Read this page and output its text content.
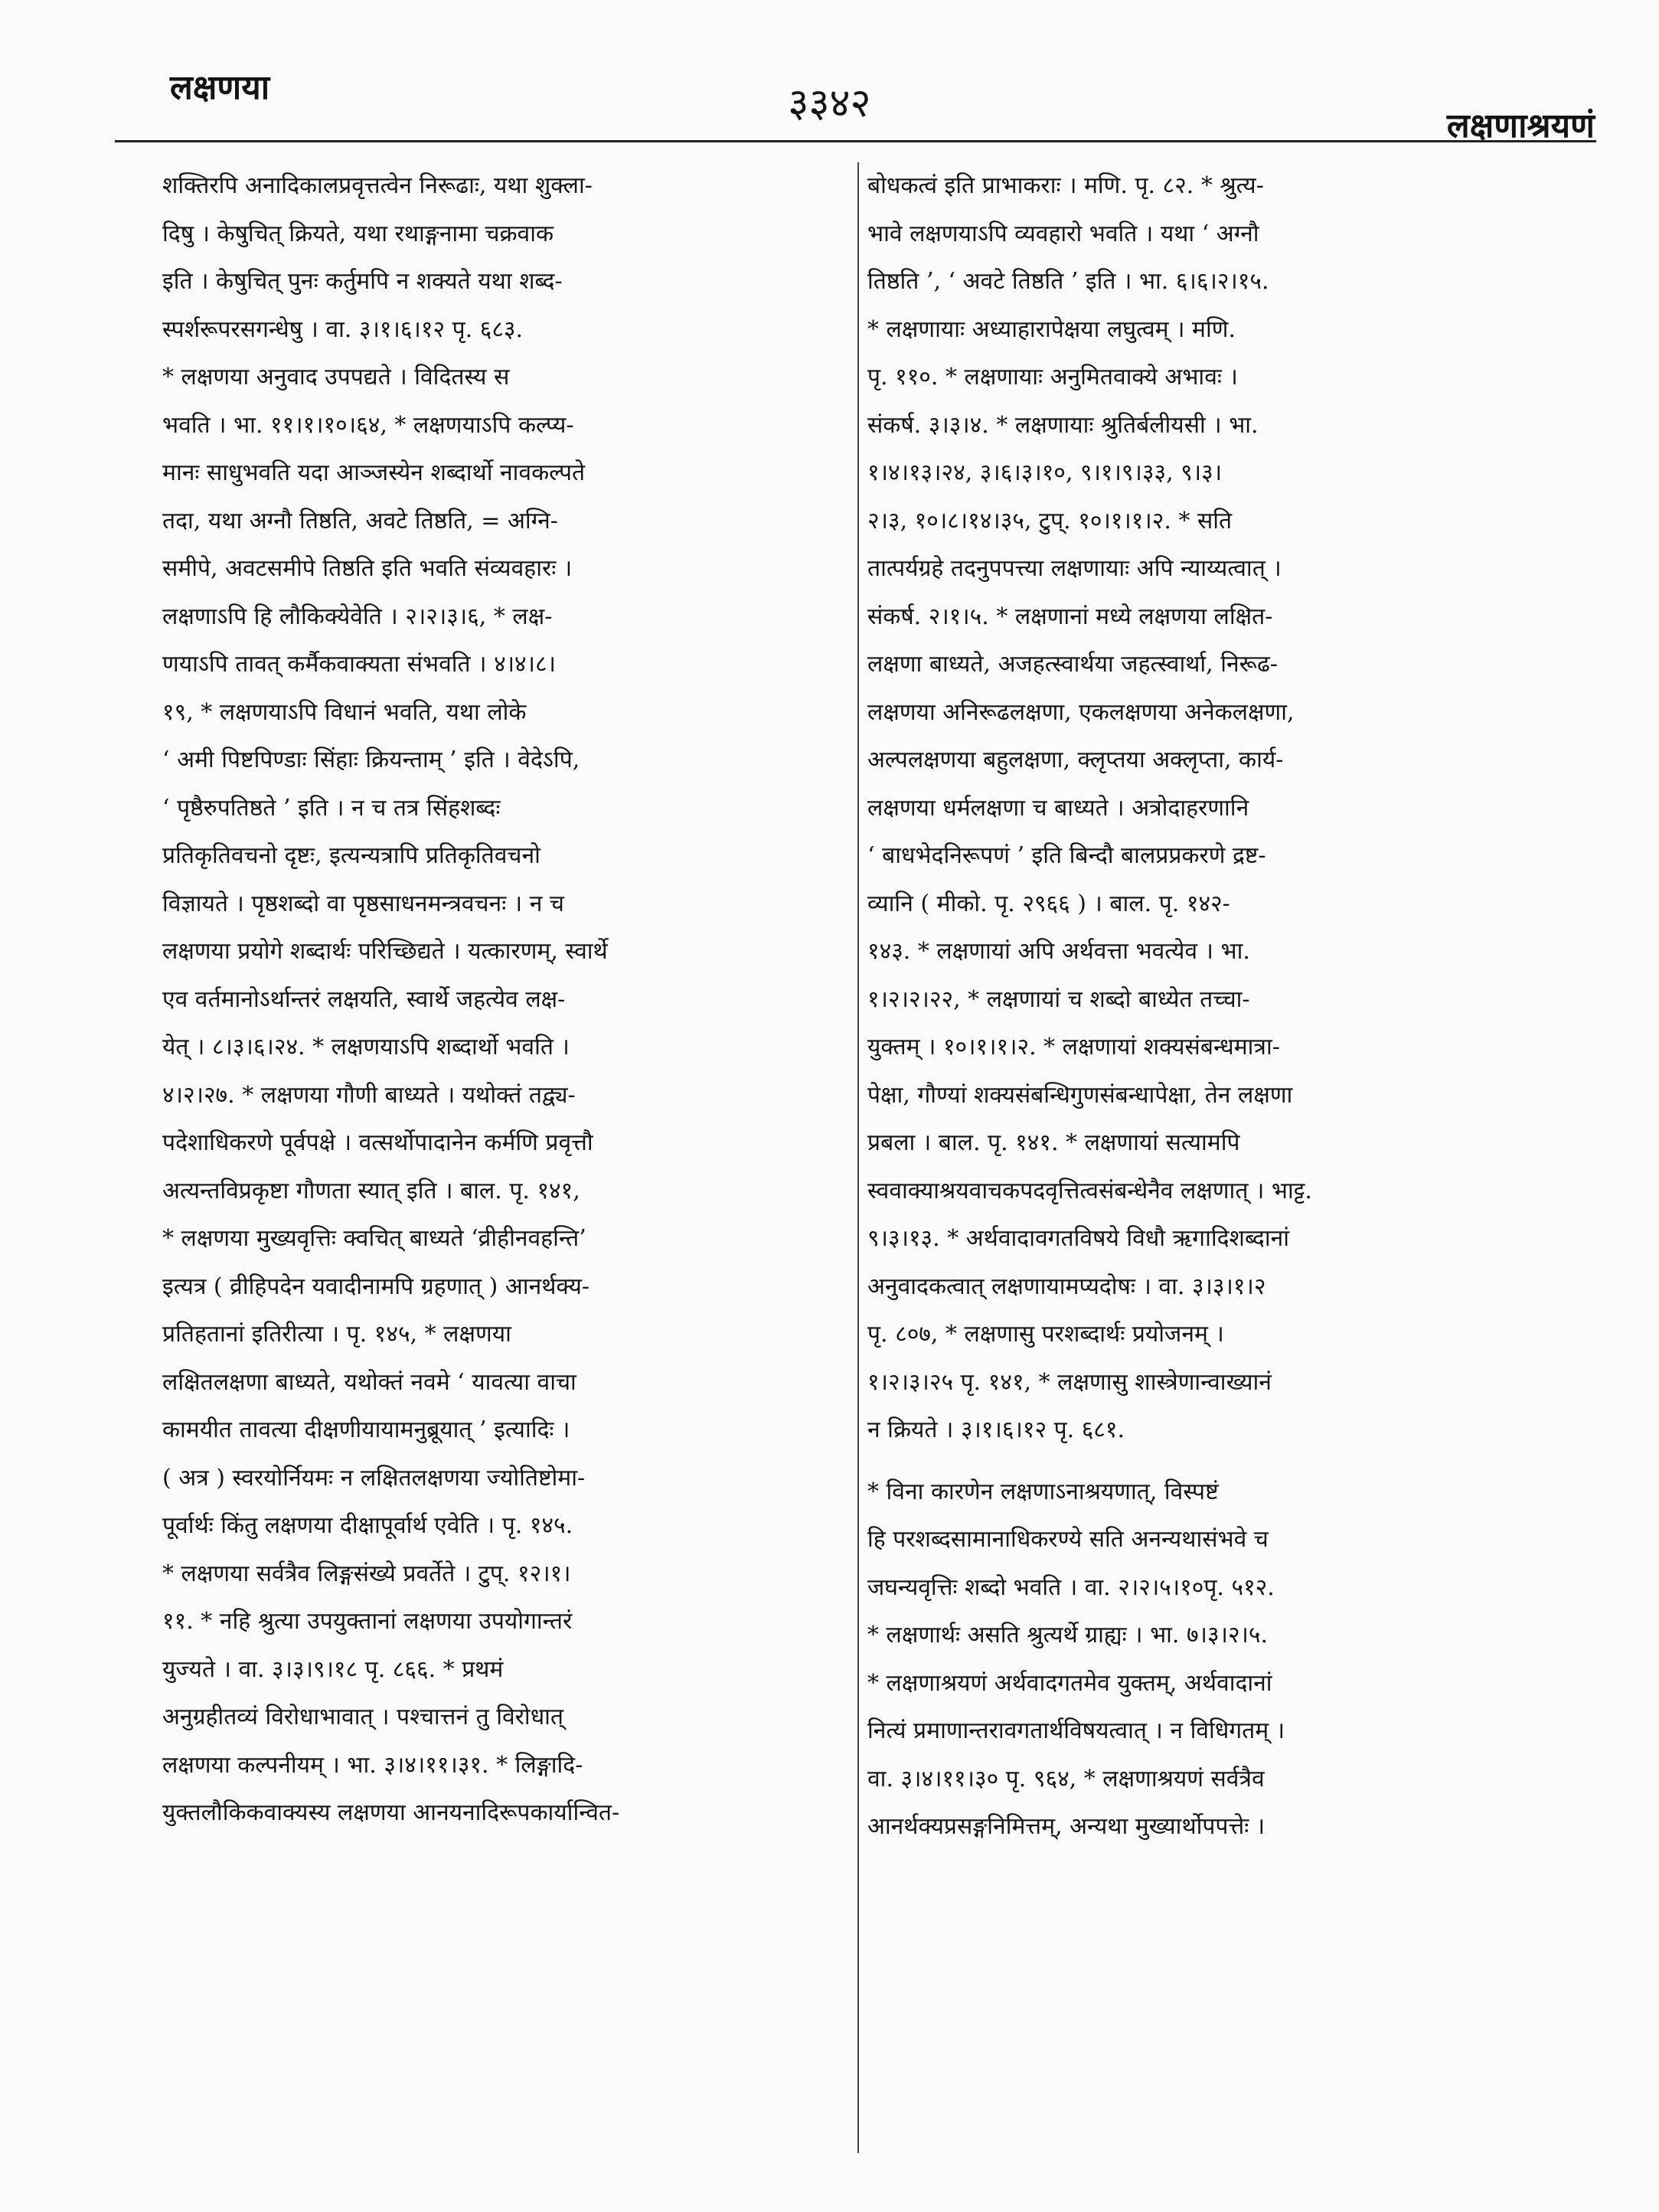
लक्षणया	३३४२	लक्षणाश्रयणं
शक्तिरपि अनादिकालप्रवृत्तत्वेन निरूढाः, यथा शुक्ला-
दिषु । केषुचित् क्रियते, यथा रथाङ्गनामा चक्रवाक
इति । केषुचित् पुनः कर्तुमपि न शक्यते यथा शब्द-
स्पर्शरूपरसगन्धेषु । वा. ३।१।६।१२ पृ. ६८३.
* लक्षणया अनुवाद उपपद्यते । विदितस्य स
भवति । भा. ११।१।१०।६४, * लक्षणयाऽपि कल्प्य-
मानः साधुभवति यदा आञ्जस्येन शब्दार्थो नावकल्पते
तदा, यथा अग्नौ तिष्ठति, अवटे तिष्ठति, = अग्नि-
समीपे, अवटसमीपे तिष्ठति इति भवति संव्यवहारः ।
लक्षणाऽपि हि लौकिक्येवेति । २।२।३।६, * लक्ष-
णयाऽपि तावत् कर्मैकवाक्यता संभवति । ४।४।८।
१९, * लक्षणयाऽपि विधानं भवति, यथा लोके
‘ अमी पिष्टपिण्डाः सिंहाः क्रियन्ताम् ’ इति । वेदेऽपि,
‘ पृष्ठैरुपतिष्ठते ’ इति । न च तत्र सिंहशब्दः
प्रतिकृतिवचनो दृष्टः, इत्यन्यत्रापि प्रतिकृतिवचनो
विज्ञायते । पृष्ठशब्दो वा पृष्ठसाधनमन्त्रवचनः । न च
लक्षणया प्रयोगे शब्दार्थः परिच्छिद्यते । यत्कारणम्, स्वार्थे
एव वर्तमानोऽर्थान्तरं लक्षयति, स्वार्थे जहत्येव लक्ष-
येत् । ८।३।६।२४. * लक्षणयाऽपि शब्दार्थो भवति ।
४।२।२७. * लक्षणया गौणी बाध्यते । यथोक्तं तद्व्य-
पदेशाधिकरणे पूर्वपक्षे । वत्सर्थोपादानेन कर्मणि प्रवृत्तौ
अत्यन्तविप्रकृष्टा गौणता स्यात् इति । बाल. पृ. १४१,
* लक्षणया मुख्यवृत्तिः क्वचित् बाध्यते ‘व्रीहीनवहन्ति’
इत्यत्र ( व्रीहिपदेन यवादीनामपि ग्रहणात् ) आनर्थक्य-
प्रतिहतानां इतिरीत्या । पृ. १४५, * लक्षणया
लक्षितलक्षणा बाध्यते, यथोक्तं नवमे ‘ यावत्या वाचा
कामयीत तावत्या दीक्षणीयायामनुब्रूयात् ’ इत्यादिः ।
( अत्र ) स्वरयोर्नियमः न लक्षितलक्षणया ज्योतिष्टोमा-
पूर्वार्थः किंतु लक्षणया दीक्षापूर्वार्थ एवेति । पृ. १४५.
* लक्षणया सर्वत्रैव लिङ्गसंख्ये प्रवर्तेते । टुप्. १२।१।
११. * नहि श्रुत्या उपयुक्तानां लक्षणया उपयोगान्तरं
युज्यते । वा. ३।३।९।१८ पृ. ८६६. * प्रथमं
अनुग्रहीतव्यं विरोधाभावात् । पश्चात्तनं तु विरोधात्
लक्षणया कल्पनीयम् । भा. ३।४।११।३१. * लिङ्गादि-
युक्तलौकिकवाक्यस्य लक्षणया आनयनादिरूपकार्यान्वित-
बोधकत्वं इति प्राभाकराः । मणि. पृ. ८२. * श्रुत्य-
भावे लक्षणयाऽपि व्यवहारो भवति । यथा ‘ अग्नौ
तिष्ठति ’, ‘ अवटे तिष्ठति ’ इति । भा. ६।६।२।१५.
* लक्षणायाः अध्याहारापेक्षया लघुत्वम् । मणि.
पृ. ११०. * लक्षणायाः अनुमितवाक्ये अभावः ।
संकर्ष. ३।३।४. * लक्षणायाः श्रुतिर्बलीयसी । भा.
१।४।१३।२४, ३।६।३।१०, ९।१।९।३३, ९।३।
२।३, १०।८।१४।३५, टुप्. १०।१।१।२. * सति
तात्पर्यग्रहे तदनुपपत्त्या लक्षणायाः अपि न्याय्यत्वात् ।
संकर्ष. २।१।५. * लक्षणानां मध्ये लक्षणया लक्षित-
लक्षणा बाध्यते, अजहत्स्वार्थया जहत्स्वार्था, निरूढ-
लक्षणया अनिरूढलक्षणा, एकलक्षणया अनेकलक्षणा,
अल्पलक्षणया बहुलक्षणा, क्लृप्तया अक्लृप्ता, कार्य-
लक्षणया धर्मलक्षणा च बाध्यते । अत्रोदाहरणानि
‘ बाधभेदनिरूपणं ’ इति बिन्दौ बालप्रप्रकरणे द्रष्ट-
व्यानि ( मीको. पृ. २९६६ ) । बाल. पृ. १४२-
१४३. * लक्षणायां अपि अर्थवत्ता भवत्येव । भा.
१।२।२।२२, * लक्षणायां च शब्दो बाध्येत तच्चा-
युक्तम् । १०।१।१।२. * लक्षणायां शक्यसंबन्धमात्रा-
पेक्षा, गौण्यां शक्यसंबन्धिगुणसंबन्धापेक्षा, तेन लक्षणा
प्रबला । बाल. पृ. १४१. * लक्षणायां सत्यामपि
स्ववाक्याश्रयवाचकपदवृत्तित्वसंबन्धेनैव लक्षणात् । भाट्ट.
९।३।१३. * अर्थवादावगतविषये विधौ ऋगादिशब्दानां
अनुवादकत्वात् लक्षणायामप्यदोषः । वा. ३।३।१।२
पृ. ८०७, * लक्षणासु परशब्दार्थः प्रयोजनम् ।
१।२।३।२५ पृ. १४१, * लक्षणासु शास्त्रेणान्वाख्यानं
न क्रियते । ३।१।६।१२ पृ. ६८१.
* विना कारणेन लक्षणाऽनाश्रयणात्, विस्पष्टं
हि परशब्दसामानाधिकरण्ये सति अनन्यथासंभवे च
जघन्यवृत्तिः शब्दो भवति । वा. २।२।५।१०पृ. ५१२.
* लक्षणार्थः असति श्रुत्यर्थे ग्राह्यः । भा. ७।३।२।५.
* लक्षणाश्रयणं अर्थवादगतमेव युक्तम्, अर्थवादानां
नित्यं प्रमाणान्तरावगतार्थविषयत्वात् । न विधिगतम् ।
वा. ३।४।११।३० पृ. ९६४, * लक्षणाश्रयणं सर्वत्रैव
आनर्थक्यप्रसङ्गनिमित्तम्, अन्यथा मुख्यार्थोपपत्तेः ।
